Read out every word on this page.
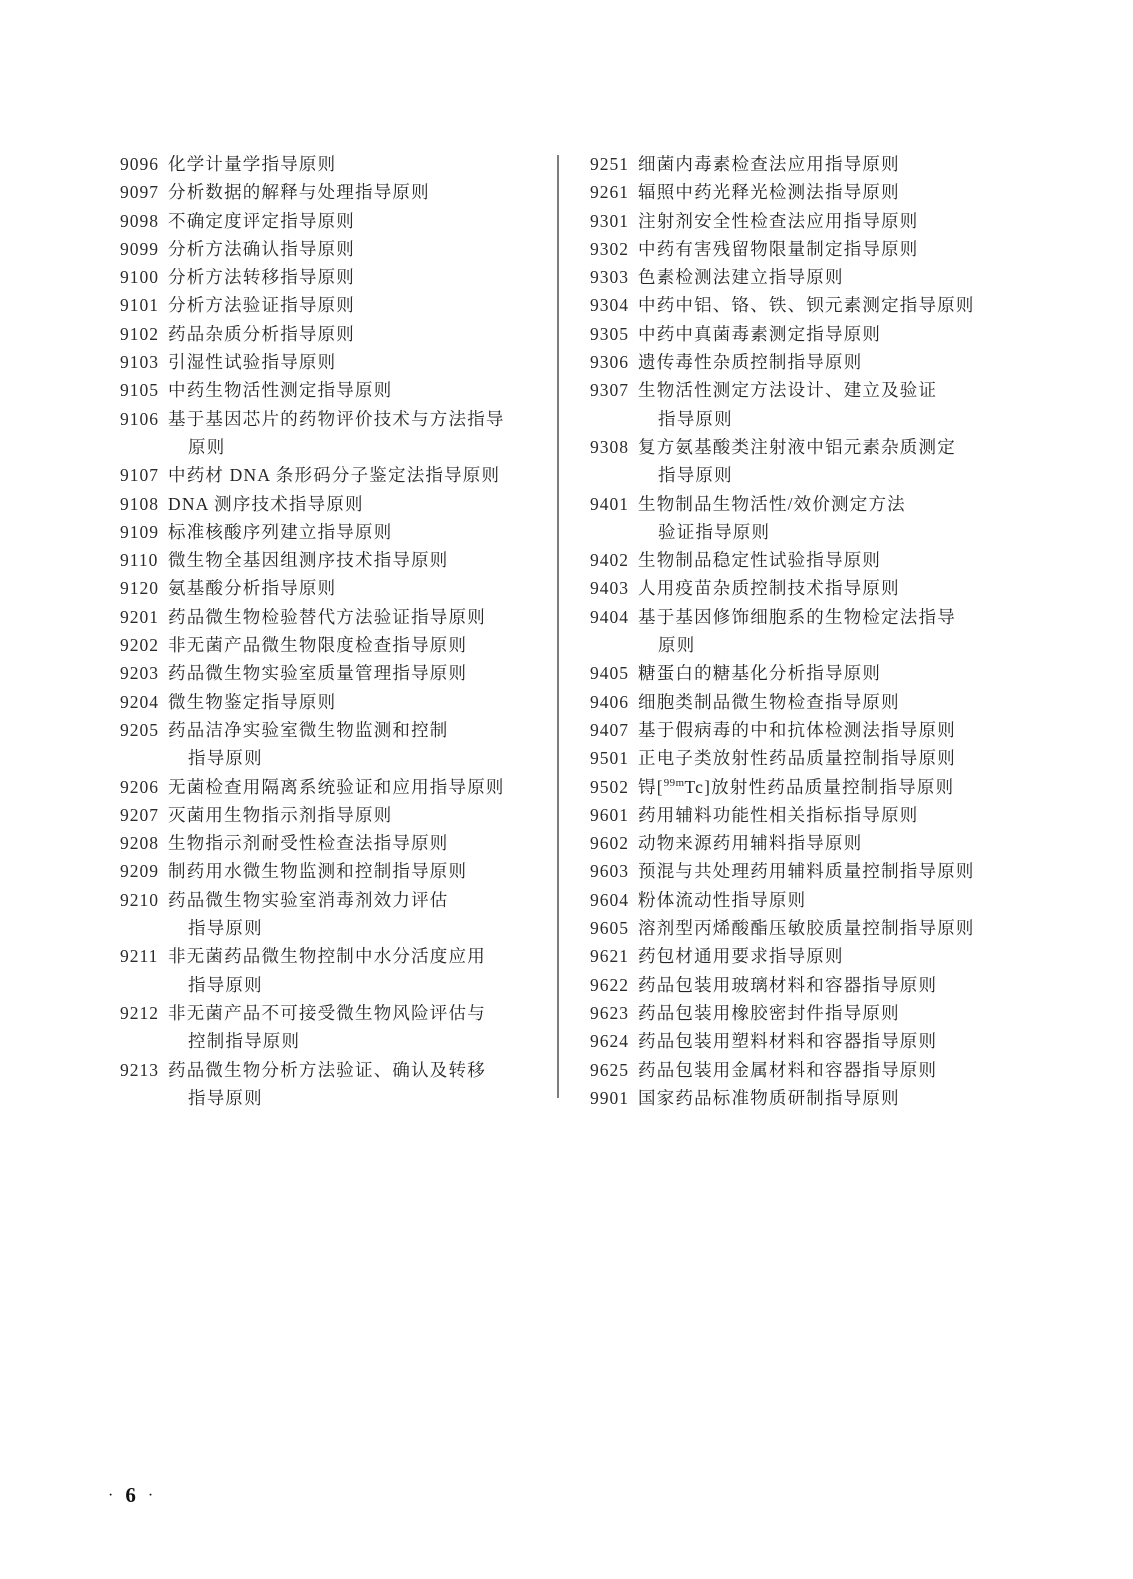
9096 化学计量学指导原则
9097 分析数据的解释与处理指导原则
9098 不确定度评定指导原则
9099 分析方法确认指导原则
9100 分析方法转移指导原则
9101 分析方法验证指导原则
9102 药品杂质分析指导原则
9103 引湿性试验指导原则
9105 中药生物活性测定指导原则
9106 基于基因芯片的药物评价技术与方法指导
原则
9107 中药材 DNA 条形码分子鉴定法指导原则
9108 DNA 测序技术指导原则
9109 标准核酸序列建立指导原则
9110 微生物全基因组测序技术指导原则
9120 氨基酸分析指导原则
9201 药品微生物检验替代方法验证指导原则
9202 非无菌产品微生物限度检查指导原则
9203 药品微生物实验室质量管理指导原则
9204 微生物鉴定指导原则
9205 药品洁净实验室微生物监测和控制
指导原则
9206 无菌检查用隔离系统验证和应用指导原则
9207 灭菌用生物指示剂指导原则
9208 生物指示剂耐受性检查法指导原则
9209 制药用水微生物监测和控制指导原则
9210 药品微生物实验室消毒剂效力评估
指导原则
9211 非无菌药品微生物控制中水分活度应用
指导原则
9212 非无菌产品不可接受微生物风险评估与
控制指导原则
9213 药品微生物分析方法验证、确认及转移
指导原则
9251 细菌内毒素检查法应用指导原则
9261 辐照中药光释光检测法指导原则
9301 注射剂安全性检查法应用指导原则
9302 中药有害残留物限量制定指导原则
9303 色素检测法建立指导原则
9304 中药中铝、铬、铁、钡元素测定指导原则
9305 中药中真菌毒素测定指导原则
9306 遗传毒性杂质控制指导原则
9307 生物活性测定方法设计、建立及验证
指导原则
9308 复方氨基酸类注射液中铝元素杂质测定
指导原则
9401 生物制品生物活性/效价测定方法
验证指导原则
9402 生物制品稳定性试验指导原则
9403 人用疫苗杂质控制技术指导原则
9404 基于基因修饰细胞系的生物检定法指导
原则
9405 糖蛋白的糖基化分析指导原则
9406 细胞类制品微生物检查指导原则
9407 基于假病毒的中和抗体检测法指导原则
9501 正电子类放射性药品质量控制指导原则
9502 锝[$^{99m}$Tc]放射性药品质量控制指导原则
9601 药用辅料功能性相关指标指导原则
9602 动物来源药用辅料指导原则
9603 预混与共处理药用辅料质量控制指导原则
9604 粉体流动性指导原则
9605 溶剂型丙烯酸酯压敏胶质量控制指导原则
9621 药包材通用要求指导原则
9622 药品包装用玻璃材料和容器指导原则
9623 药品包装用橡胶密封件指导原则
9624 药品包装用塑料材料和容器指导原则
9625 药品包装用金属材料和容器指导原则
9901 国家药品标准物质研制指导原则
· 6 ·
